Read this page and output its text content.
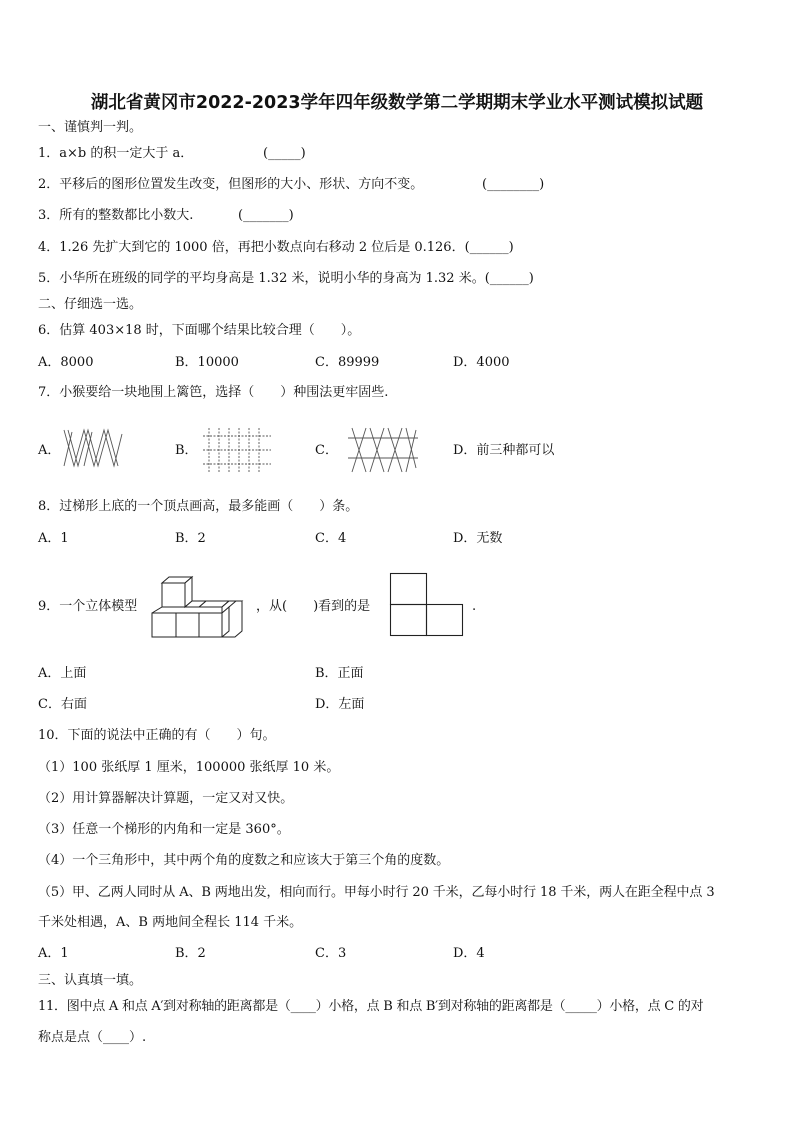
湖北省黄冈市2022-2023学年四年级数学第二学期期末学业水平测试模拟试题
一、谨慎判一判。
1．a×b 的积一定大于 a．	(_____)
2．平移后的图形位置发生改变，但图形的大小、形状、方向不变。	(________)
3．所有的整数都比小数大.	(_______)
4．1.26 先扩大到它的 1000 倍，再把小数点向右移动 2 位后是 0.126．(______)
5．小华所在班级的同学的平均身高是 1.32 米，说明小华的身高为 1.32 米。(______)
二、仔细选一选。
6．估算 403×18 时，下面哪个结果比较合理（　　）。
A．8000	B．10000	C．89999	D．4000
7．小猴要给一块地围上篱笆，选择（　　）种围法更牢固些.
A．	B．	C．	D．前三种都可以
8．过梯形上底的一个顶点画高，最多能画（　　）条。
A．1	B．2	C．4	D．无数
9．一个立体模型	，从(　　)看到的是	.
A．上面	B．正面
C．右面	D．左面
10．下面的说法中正确的有（　　）句。
（1）100 张纸厚 1 厘米，100000 张纸厚 10 米。
（2）用计算器解决计算题，一定又对又快。
（3）任意一个梯形的内角和一定是 360°。
（4）一个三角形中，其中两个角的度数之和应该大于第三个角的度数。
（5）甲、乙两人同时从 A、B 两地出发，相向而行。甲每小时行 20 千米，乙每小时行 18 千米，两人在距全程中点 3
千米处相遇，A、B 两地间全程长 114 千米。
A．1	B．2	C．3	D．4
三、认真填一填。
11．图中点 A 和点 A′到对称轴的距离都是（____）小格，点 B 和点 B′到对称轴的距离都是（_____）小格，点 C 的对
称点是点（____）.
